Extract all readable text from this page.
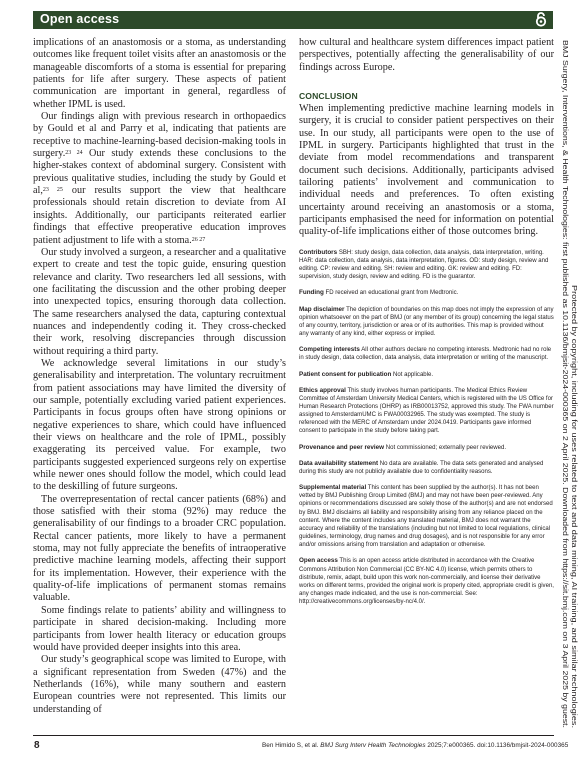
Open access

implications of an anastomosis or a stoma, as understanding outcomes like frequent toilet visits after an anastomosis or the manageable discomforts of a stoma is essential for preparing patients for life after surgery. These aspects of patient communication are important in general, regardless of whether IPML is used.

Our findings align with previous research in orthopaedics by Gould et al and Parry et al, indicating that patients are receptive to machine-learning-based decision-making tools in surgery.$^{23 24}$ Our study extends these conclusions to the higher-stakes context of abdominal surgery. Consistent with previous qualitative studies, including the study by Gould et al,$^{23 25}$ our results support the view that healthcare professionals should retain discretion to deviate from AI insights. Additionally, our participants reiterated earlier findings that effective preoperative education improves patient adjustment to life with a stoma.$^{26 27}$

Our study involved a surgeon, a researcher and a qualitative expert to create and test the topic guide, ensuring question relevance and clarity. Two researchers led all sessions, with one facilitating the discussion and the other probing deeper into unexpected topics, ensuring thorough data collection. The same researchers analysed the data, capturing contextual nuances and independently coding it. They cross-checked their work, resolving discrepancies through discussion without requiring a third party.

We acknowledge several limitations in our study’s generalisability and interpretation. The voluntary recruitment from patient associations may have limited the diversity of our sample, potentially excluding varied patient experiences. Participants in focus groups often have strong opinions or negative experiences to share, which could have influenced their views on healthcare and the role of IPML, possibly exaggerating its perceived value. For example, two participants suggested experienced surgeons rely on expertise while newer ones should follow the model, which could lead to the deskilling of future surgeons.

The overrepresentation of rectal cancer patients (68%) and those satisfied with their stoma (92%) may reduce the generalisability of our findings to a broader CRC population. Rectal cancer patients, more likely to have a permanent stoma, may not fully appreciate the benefits of intraoperative predictive machine learning models, affecting their support for its implementation. However, their experience with the quality-of-life implications of permanent stomas remains valuable.

Some findings relate to patients’ ability and willingness to participate in shared decision-making. Including more participants from lower health literacy or education groups would have provided deeper insights into this area.

Our study’s geographical scope was limited to Europe, with a significant representation from Sweden (47%) and the Netherlands (16%), while many southern and eastern European countries were not represented. This limits our understanding of

how cultural and healthcare system differences impact patient perspectives, potentially affecting the generalisability of our findings across Europe.

CONCLUSION

When implementing predictive machine learning models in surgery, it is crucial to consider patient perspectives on their use. In our study, all participants were open to the use of IPML in surgery. Participants highlighted that trust in the deviate from model recommendations and transparent document such decisions. Additionally, participants advised tailoring patients’ involvement and communication to individual needs and preferences. To often existing uncertainty around receiving an anastomosis or a stoma, participants emphasised the need for information on potential quality-of-life implications either of those outcomes bring.

Contributors SBH: study design, data collection, data analysis, data interpretation, writing. HAR: data collection, data analysis, data interpretation, figures. OD: study design, review and editing. CP: review and editing. SH: review and editing. GK: review and editing. FD: supervision, study design, review and editing. FD is the guarantor.

Funding FD received an educational grant from Medtronic.

Map disclaimer The depiction of boundaries on this map does not imply the expression of any opinion whatsoever on the part of BMJ (or any member of its group) concerning the legal status of any country, territory, jurisdiction or area or of its authorities. This map is provided without any warranty of any kind, either express or implied.

Competing interests All other authors declare no competing interests. Medtronic had no role in study design, data collection, data analysis, data interpretation or writing of the manuscript.

Patient consent for publication Not applicable.

Ethics approval This study involves human participants. The Medical Ethics Review Committee of Amsterdam University Medical Centers, which is registered with the US Office for Human Research Protections (OHRP) as IRB00013752, approved this study. The FWA number assigned to AmsterdamUMC is FWA00032965. The study was exempted. The study is referenced with the MERC of Amsterdam under 2024.0419. Participants gave informed consent to participate in the study before taking part.

Provenance and peer review Not commissioned; externally peer reviewed.

Data availability statement No data are available. The data sets generated and analysed during this study are not publicly available due to confidentiality reasons.

Supplemental material This content has been supplied by the author(s). It has not been vetted by BMJ Publishing Group Limited (BMJ) and may not have been peer-reviewed. Any opinions or recommendations discussed are solely those of the author(s) and are not endorsed by BMJ. BMJ disclaims all liability and responsibility arising from any reliance placed on the content. Where the content includes any translated material, BMJ does not warrant the accuracy and reliability of the translations (including but not limited to local regulations, clinical guidelines, terminology, drug names and drug dosages), and is not responsible for any error and/or omissions arising from translation and adaptation or otherwise.

Open access This is an open access article distributed in accordance with the Creative Commons Attribution Non Commercial (CC BY-NC 4.0) license, which permits others to distribute, remix, adapt, build upon this work non-commercially, and license their derivative works on different terms, provided the original work is properly cited, appropriate credit is given, any changes made indicated, and the use is non-commercial. See: http://creativecommons.org/licenses/by-nc/4.0/.

8	Ben Himido S, et al. BMJ Surg Interv Health Technologies 2025;7:e000365. doi:10.1136/bmjsit-2024-000365
BMJ Surgery, Interventions, & Health Technologies: first published as 10.1136/bmjsit-2024-000365 on 2 April 2025. Downloaded from https://sit.bmj.com on 3 April 2025 by guest. Protected by copyright, including for uses related to text and data mining, AI training, and similar technologies.
